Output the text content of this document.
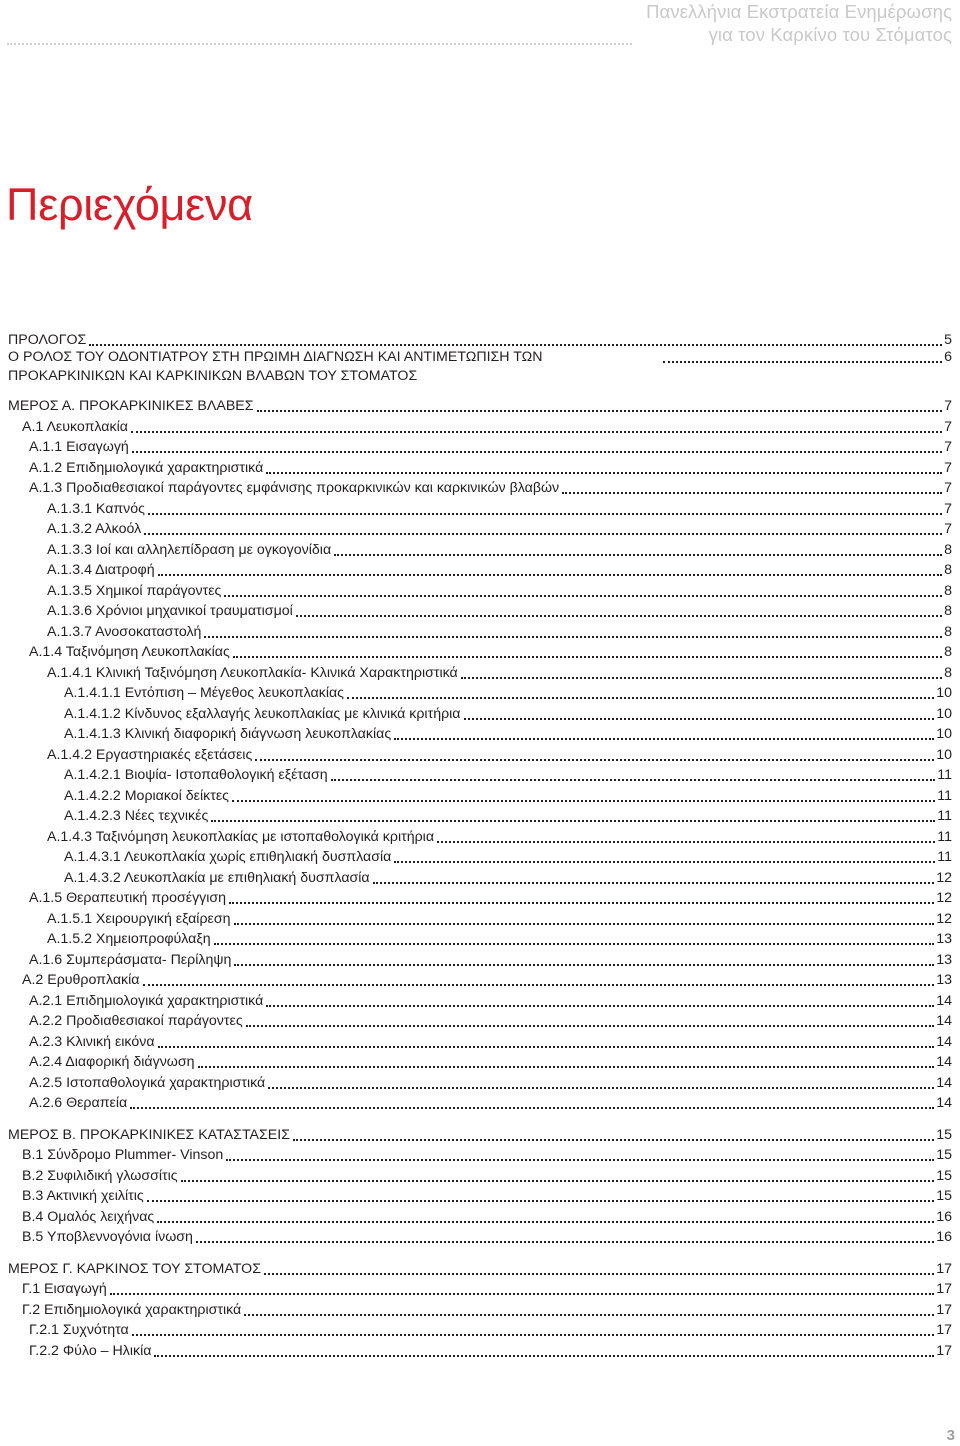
Πανελλήνια Εκστρατεία Ενημέρωσης
για τον Καρκίνο του Στόματος
Περιεχόμενα
ΠΡΟΛΟΓΟΣ	5
Ο ΡΟΛΟΣ ΤΟΥ ΟΔΟΝΤΙΑΤΡΟΥ ΣΤΗ ΠΡΩΙΜΗ ΔΙΑΓΝΩΣΗ ΚΑΙ ΑΝΤΙΜΕΤΩΠΙΣΗ ΤΩΝ	6
ΠΡΟΚΑΡΚΙΝΙΚΩΝ ΚΑΙ ΚΑΡΚΙΝΙΚΩΝ ΒΛΑΒΩΝ ΤΟΥ ΣΤΟΜΑΤΟΣ
ΜΕΡΟΣ Α. ΠΡΟΚΑΡΚΙΝΙΚΕΣ ΒΛΑΒΕΣ	7
Α.1 Λευκοπλακία	7
Α.1.1 Εισαγωγή	7
Α.1.2 Επιδημιολογικά χαρακτηριστικά	7
Α.1.3 Προδιαθεσιακοί παράγοντες εμφάνισης προκαρκινικών και καρκινικών βλαβών	7
Α.1.3.1 Καπνός	7
Α.1.3.2 Αλκοόλ	7
Α.1.3.3 Ιοί και αλληλεπίδραση με ογκογονίδια	8
Α.1.3.4 Διατροφή	8
Α.1.3.5 Χημικοί παράγοντες	8
Α.1.3.6 Χρόνιοι μηχανικοί τραυματισμοί	8
Α.1.3.7 Ανοσοκαταστολή	8
Α.1.4 Ταξινόμηση Λευκοπλακίας	8
Α.1.4.1 Κλινική Ταξινόμηση Λευκοπλακία- Κλινικά Χαρακτηριστικά	8
Α.1.4.1.1 Εντόπιση – Μέγεθος λευκοπλακίας	10
Α.1.4.1.2 Κίνδυνος εξαλλαγής λευκοπλακίας με κλινικά κριτήρια	10
Α.1.4.1.3 Κλινική διαφορική διάγνωση λευκοπλακίας	10
Α.1.4.2 Εργαστηριακές εξετάσεις	10
Α.1.4.2.1 Βιοψία- Ιστοπαθολογική εξέταση	11
Α.1.4.2.2 Μοριακοί δείκτες	11
Α.1.4.2.3 Νέες τεχνικές	11
Α.1.4.3 Ταξινόμηση λευκοπλακίας με ιστοπαθολογικά κριτήρια	11
Α.1.4.3.1 Λευκοπλακία χωρίς επιθηλιακή δυσπλασία	11
Α.1.4.3.2 Λευκοπλακία με επιθηλιακή δυσπλασία	12
Α.1.5 Θεραπευτική προσέγγιση	12
Α.1.5.1 Χειρουργική εξαίρεση	12
Α.1.5.2 Χημειοπροφύλαξη	13
Α.1.6 Συμπεράσματα- Περίληψη	13
Α.2 Ερυθροπλακία	13
Α.2.1 Επιδημιολογικά χαρακτηριστικά	14
Α.2.2 Προδιαθεσιακοί παράγοντες	14
Α.2.3 Κλινική εικόνα	14
Α.2.4 Διαφορική διάγνωση	14
Α.2.5 Ιστοπαθολογικά χαρακτηριστικά	14
Α.2.6 Θεραπεία	14
ΜΕΡΟΣ Β. ΠΡΟΚΑΡΚΙΝΙΚΕΣ ΚΑΤΑΣΤΑΣΕΙΣ	15
Β.1 Σύνδρομο Plummer- Vinson	15
Β.2 Συφιλιδική γλωσσίτις	15
Β.3 Ακτινική χειλίτις	15
Β.4 Ομαλός λειχήνας	16
Β.5 Υποβλεννογόνια ίνωση	16
ΜΕΡΟΣ Γ. ΚΑΡΚΙΝΟΣ ΤΟΥ ΣΤΟΜΑΤΟΣ	17
Γ.1 Εισαγωγή	17
Γ.2 Επιδημιολογικά χαρακτηριστικά	17
Γ.2.1 Συχνότητα	17
Γ.2.2 Φύλο – Ηλικία	17
3
